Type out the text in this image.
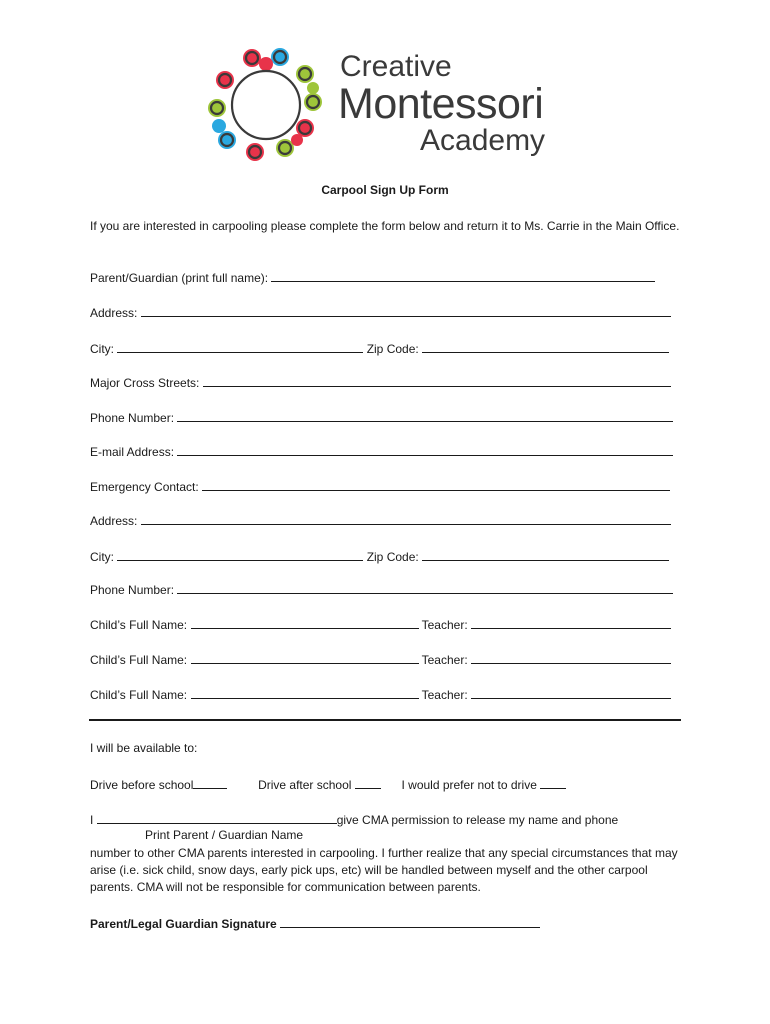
Creative
Montessori
Academy
Carpool Sign Up Form
If you are interested in carpooling please complete the form below and return it to Ms. Carrie in the Main Office.
Parent/Guardian (print full name):
Address:
City:	Zip Code:
Major Cross Streets:
Phone Number:
E-mail Address:
Emergency Contact:
Address:
City:	Zip Code:
Phone Number:
Child’s Full Name:	Teacher:
Child’s Full Name:	Teacher:
Child’s Full Name:	Teacher:
I will be available to:
Drive before school	Drive after school	I would prefer not to drive
I	give CMA permission to release my name and phone
Print Parent / Guardian Name
number to other CMA parents interested in carpooling. I further realize that any special circumstances that may arise (i.e. sick child, snow days, early pick ups, etc) will be handled between myself and the other carpool parents. CMA will not be responsible for communication between parents.
Parent/Legal Guardian Signature
